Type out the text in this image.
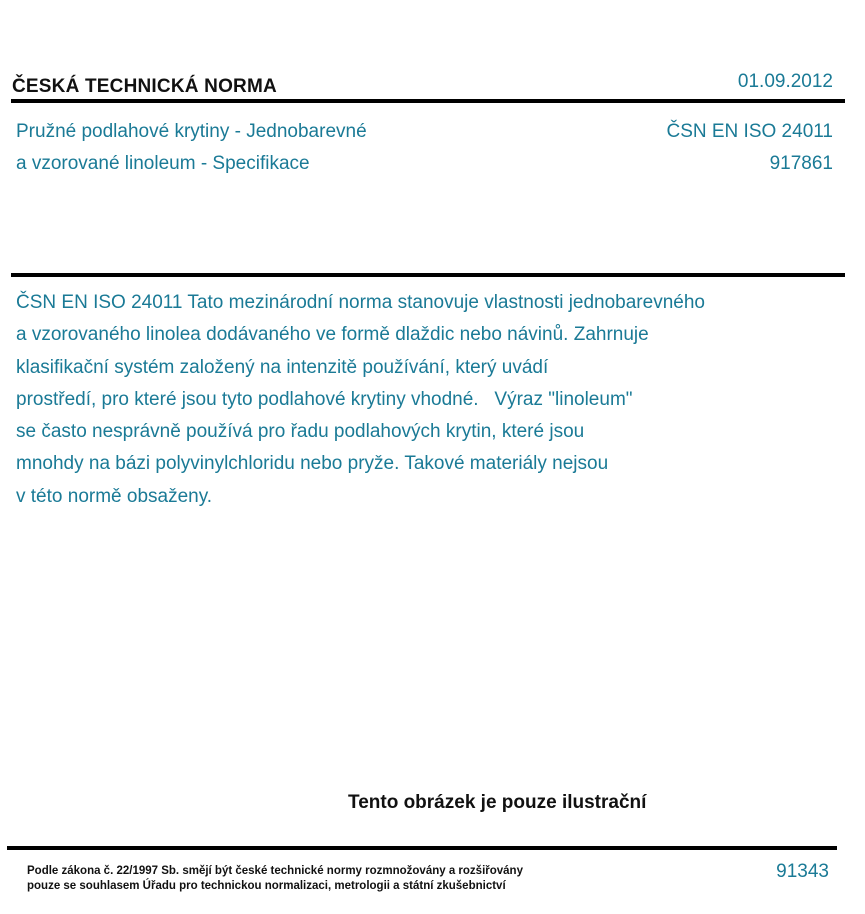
ČESKÁ TECHNICKÁ NORMA	01.09.2012
Pružné podlahové krytiny - Jednobarevné
a vzorované linoleum - Specifikace
ČSN EN ISO 24011
917861
ČSN EN ISO 24011 Tato mezinárodní norma stanovuje vlastnosti jednobarevného
a vzorovaného linolea dodávaného ve formě dlaždic nebo návinů. Zahrnuje
klasifikační systém založený na intenzitě používání, který uvádí
prostředí, pro které jsou tyto podlahové krytiny vhodné.   Výraz "linoleum"
se často nesprávně používá pro řadu podlahových krytin, které jsou
mnohdy na bázi polyvinylchloridu nebo pryže. Takové materiály nejsou
v této normě obsaženy.
Tento obrázek je pouze ilustrační
Podle zákona č. 22/1997 Sb. smějí být české technické normy rozmnožovány a rozšiřovány
pouze se souhlasem Úřadu pro technickou normalizaci, metrologii a státní zkušebnictví
91343
